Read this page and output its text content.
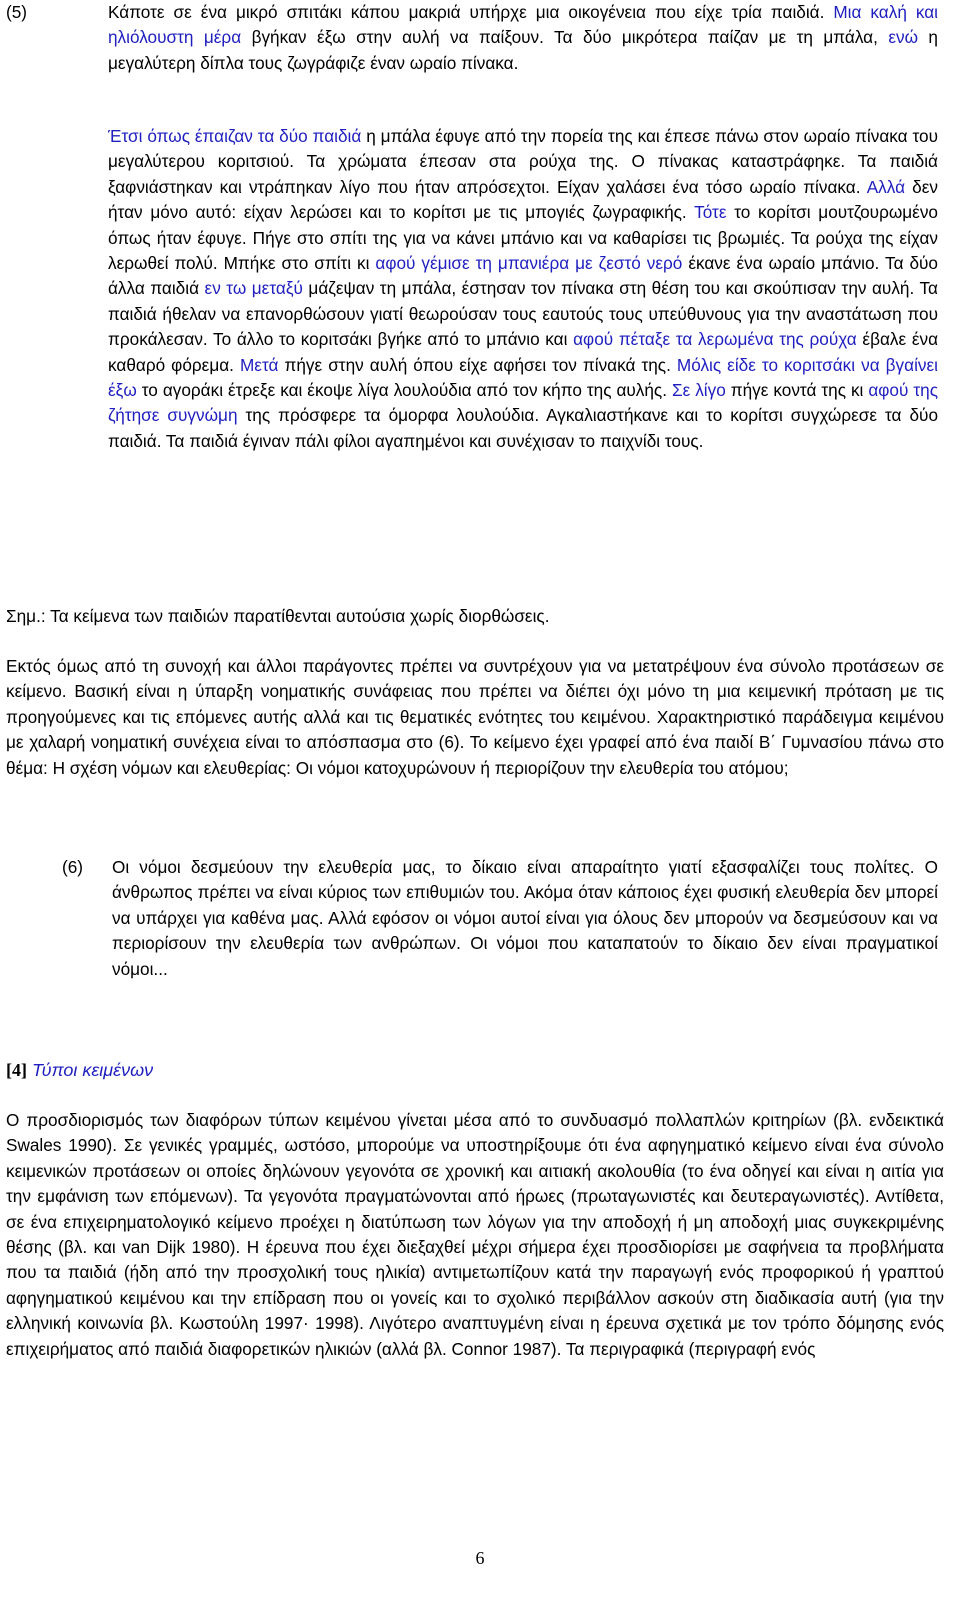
(5)	Κάποτε σε ένα μικρό σπιτάκι κάπου μακριά υπήρχε μια οικογένεια που είχε τρία παιδιά. Μια καλή και ηλιόλουστη μέρα βγήκαν έξω στην αυλή να παίξουν. Τα δύο μικρότερα παίζαν με τη μπάλα, ενώ η μεγαλύτερη δίπλα τους ζωγράφιζε έναν ωραίο πίνακα.

Έτσι όπως έπαιζαν τα δύο παιδιά η μπάλα έφυγε από την πορεία της και έπεσε πάνω στον ωραίο πίνακα του μεγαλύτερου κοριτσιού. Τα χρώματα έπεσαν στα ρούχα της. Ο πίνακας καταστράφηκε. Τα παιδιά ξαφνιάστηκαν και ντράπηκαν λίγο που ήταν απρόσεχτοι. Είχαν χαλάσει ένα τόσο ωραίο πίνακα. Αλλά δεν ήταν μόνο αυτό: είχαν λερώσει και το κορίτσι με τις μπογιές ζωγραφικής. Τότε το κορίτσι μουτζουρωμένο όπως ήταν έφυγε. Πήγε στο σπίτι της για να κάνει μπάνιο και να καθαρίσει τις βρωμιές. Τα ρούχα της είχαν λερωθεί πολύ. Μπήκε στο σπίτι κι αφού γέμισε τη μπανιέρα με ζεστό νερό έκανε ένα ωραίο μπάνιο. Τα δύο άλλα παιδιά εν τω μεταξύ μάζεψαν τη μπάλα, έστησαν τον πίνακα στη θέση του και σκούπισαν την αυλή. Τα παιδιά ήθελαν να επανορθώσουν γιατί θεωρούσαν τους εαυτούς τους υπεύθυνους για την αναστάτωση που προκάλεσαν. Το άλλο το κοριτσάκι βγήκε από το μπάνιο και αφού πέταξε τα λερωμένα της ρούχα έβαλε ένα καθαρό φόρεμα. Μετά πήγε στην αυλή όπου είχε αφήσει τον πίνακά της. Μόλις είδε το κοριτσάκι να βγαίνει έξω το αγοράκι έτρεξε και έκοψε λίγα λουλούδια από τον κήπο της αυλής. Σε λίγο πήγε κοντά της κι αφού της ζήτησε συγνώμη της πρόσφερε τα όμορφα λουλούδια. Αγκαλιαστήκανε και το κορίτσι συγχώρεσε τα δύο παιδιά. Τα παιδιά έγιναν πάλι φίλοι αγαπημένοι και συνέχισαν το παιχνίδι τους.

Σημ.: Τα κείμενα των παιδιών παρατίθενται αυτούσια χωρίς διορθώσεις.

Εκτός όμως από τη συνοχή και άλλοι παράγοντες πρέπει να συντρέχουν για να μετατρέψουν ένα σύνολο προτάσεων σε κείμενο. Βασική είναι η ύπαρξη νοηματικής συνάφειας που πρέπει να διέπει όχι μόνο τη μια κειμενική πρόταση με τις προηγούμενες και τις επόμενες αυτής αλλά και τις θεματικές ενότητες του κειμένου. Χαρακτηριστικό παράδειγμα κειμένου με χαλαρή νοηματική συνέχεια είναι το απόσπασμα στο (6). Το κείμενο έχει γραφεί από ένα παιδί Β΄ Γυμνασίου πάνω στο θέμα: Η σχέση νόμων και ελευθερίας: Οι νόμοι κατοχυρώνουν ή περιορίζουν την ελευθερία του ατόμου;

(6) Οι νόμοι δεσμεύουν την ελευθερία μας, το δίκαιο είναι απαραίτητο γιατί εξασφαλίζει τους πολίτες. Ο άνθρωπος πρέπει να είναι κύριος των επιθυμιών του. Ακόμα όταν κάποιος έχει φυσική ελευθερία δεν μπορεί να υπάρχει για καθένα μας. Αλλά εφόσον οι νόμοι αυτοί είναι για όλους δεν μπορούν να δεσμεύσουν και να περιορίσουν την ελευθερία των ανθρώπων. Οι νόμοι που καταπατούν το δίκαιο δεν είναι πραγματικοί νόμοι...

[4] Τύποι κειμένων

Ο προσδιορισμός των διαφόρων τύπων κειμένου γίνεται μέσα από το συνδυασμό πολλαπλών κριτηρίων (βλ. ενδεικτικά Swales 1990). Σε γενικές γραμμές, ωστόσο, μπορούμε να υποστηρίξουμε ότι ένα αφηγηματικό κείμενο είναι ένα σύνολο κειμενικών προτάσεων οι οποίες δηλώνουν γεγονότα σε χρονική και αιτιακή ακολουθία (το ένα οδηγεί και είναι η αιτία για την εμφάνιση των επόμενων). Τα γεγονότα πραγματώνονται από ήρωες (πρωταγωνιστές και δευτεραγωνιστές). Αντίθετα, σε ένα επιχειρηματολογικό κείμενο προέχει η διατύπωση των λόγων για την αποδοχή ή μη αποδοχή μιας συγκεκριμένης θέσης (βλ. και van Dijk 1980). Η έρευνα που έχει διεξαχθεί μέχρι σήμερα έχει προσδιορίσει με σαφήνεια τα προβλήματα που τα παιδιά (ήδη από την προσχολική τους ηλικία) αντιμετωπίζουν κατά την παραγωγή ενός προφορικού ή γραπτού αφηγηματικού κειμένου και την επίδραση που οι γονείς και το σχολικό περιβάλλον ασκούν στη διαδικασία αυτή (για την ελληνική κοινωνία βλ. Κωστούλη 1997· 1998). Λιγότερο αναπτυγμένη είναι η έρευνα σχετικά με τον τρόπο δόμησης ενός επιχειρήματος από παιδιά διαφορετικών ηλικιών (αλλά βλ. Connor 1987). Τα περιγραφικά (περιγραφή ενός

6
